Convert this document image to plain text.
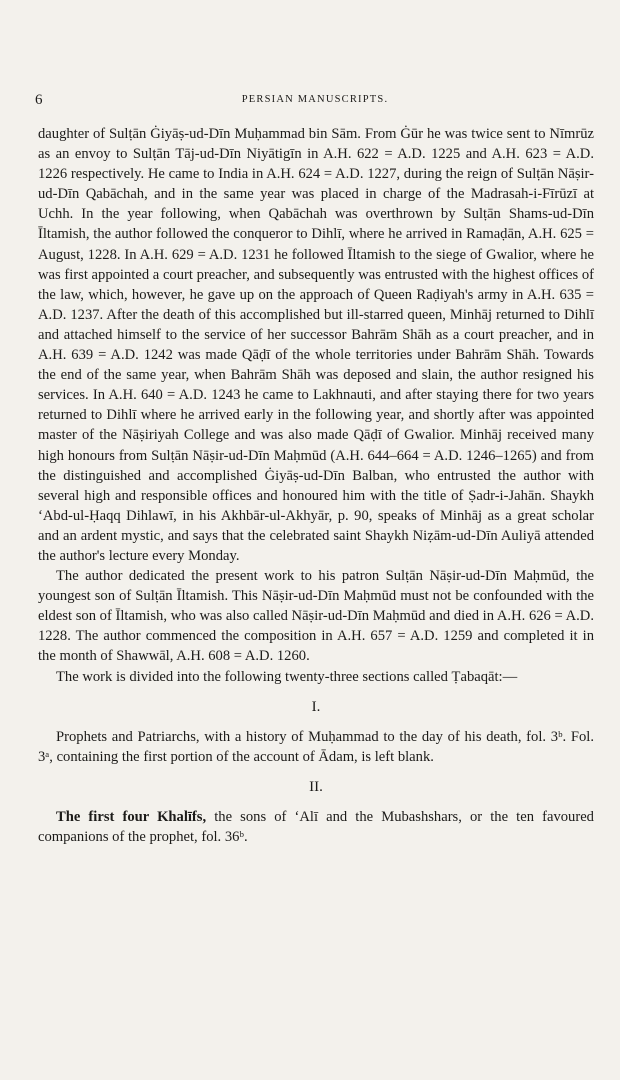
6	PERSIAN MANUSCRIPTS.

daughter of Sulṭān Ġiyāṣ-ud-Dīn Muḥammad bin Sām. From Ġūr he was twice sent to Nīmrūz as an envoy to Sulṭān Tāj-ud-Dīn Niyātigīn in A.H. 622 = A.D. 1225 and A.H. 623 = A.D. 1226 respectively. He came to India in A.H. 624 = A.D. 1227, during the reign of Sulṭān Nāṣir-ud-Dīn Qabāchah, and in the same year was placed in charge of the Madrasah-i-Fīrūzī at Uchh. In the year following, when Qabāchah was overthrown by Sulṭān Shams-ud-Dīn Īltamish, the author followed the conqueror to Dihlī, where he arrived in Ramaḍān, A.H. 625 = August, 1228. In A.H. 629 = A.D. 1231 he followed Īltamish to the siege of Gwalior, where he was first appointed a court preacher, and subsequently was entrusted with the highest offices of the law, which, however, he gave up on the approach of Queen Raḍiyah's army in A.H. 635 = A.D. 1237. After the death of this accomplished but ill-starred queen, Minhāj returned to Dihlī and attached himself to the service of her successor Bahrām Shāh as a court preacher, and in A.H. 639 = A.D. 1242 was made Qāḍī of the whole territories under Bahrām Shāh. Towards the end of the same year, when Bahrām Shāh was deposed and slain, the author resigned his services. In A.H. 640 = A.D. 1243 he came to Lakhnauti, and after staying there for two years returned to Dihlī where he arrived early in the following year, and shortly after was appointed master of the Nāṣiriyah College and was also made Qāḍī of Gwalior. Minhāj received many high honours from Sulṭān Nāṣir-ud-Dīn Maḥmūd (A.H. 644–664 = A.D. 1246–1265) and from the distinguished and accomplished Ġiyāṣ-ud-Dīn Balban, who entrusted the author with several high and responsible offices and honoured him with the title of Ṣadr-i-Jahān. Shaykh ‘Abd-ul-Ḥaqq Dihlawī, in his Akhbār-ul-Akhyār, p. 90, speaks of Minhāj as a great scholar and an ardent mystic, and says that the celebrated saint Shaykh Niẓām-ud-Dīn Auliyā attended the author's lecture every Monday.

The author dedicated the present work to his patron Sulṭān Nāṣir-ud-Dīn Maḥmūd, the youngest son of Sulṭān Īltamish. This Nāṣir-ud-Dīn Maḥmūd must not be confounded with the eldest son of Īltamish, who was also called Nāṣir-ud-Dīn Maḥmūd and died in A.H. 626 = A.D. 1228. The author commenced the composition in A.H. 657 = A.D. 1259 and completed it in the month of Shawwāl, A.H. 608 = A.D. 1260.

The work is divided into the following twenty-three sections called Ṭabaqāt:—

I.

Prophets and Patriarchs, with a history of Muḥammad to the day of his death, fol. 3ᵇ. Fol. 3ᵃ, containing the first portion of the account of Ādam, is left blank.

II.

The first four Khalīfs, the sons of ‘Alī and the Mubashshars, or the ten favoured companions of the prophet, fol. 36ᵇ.
